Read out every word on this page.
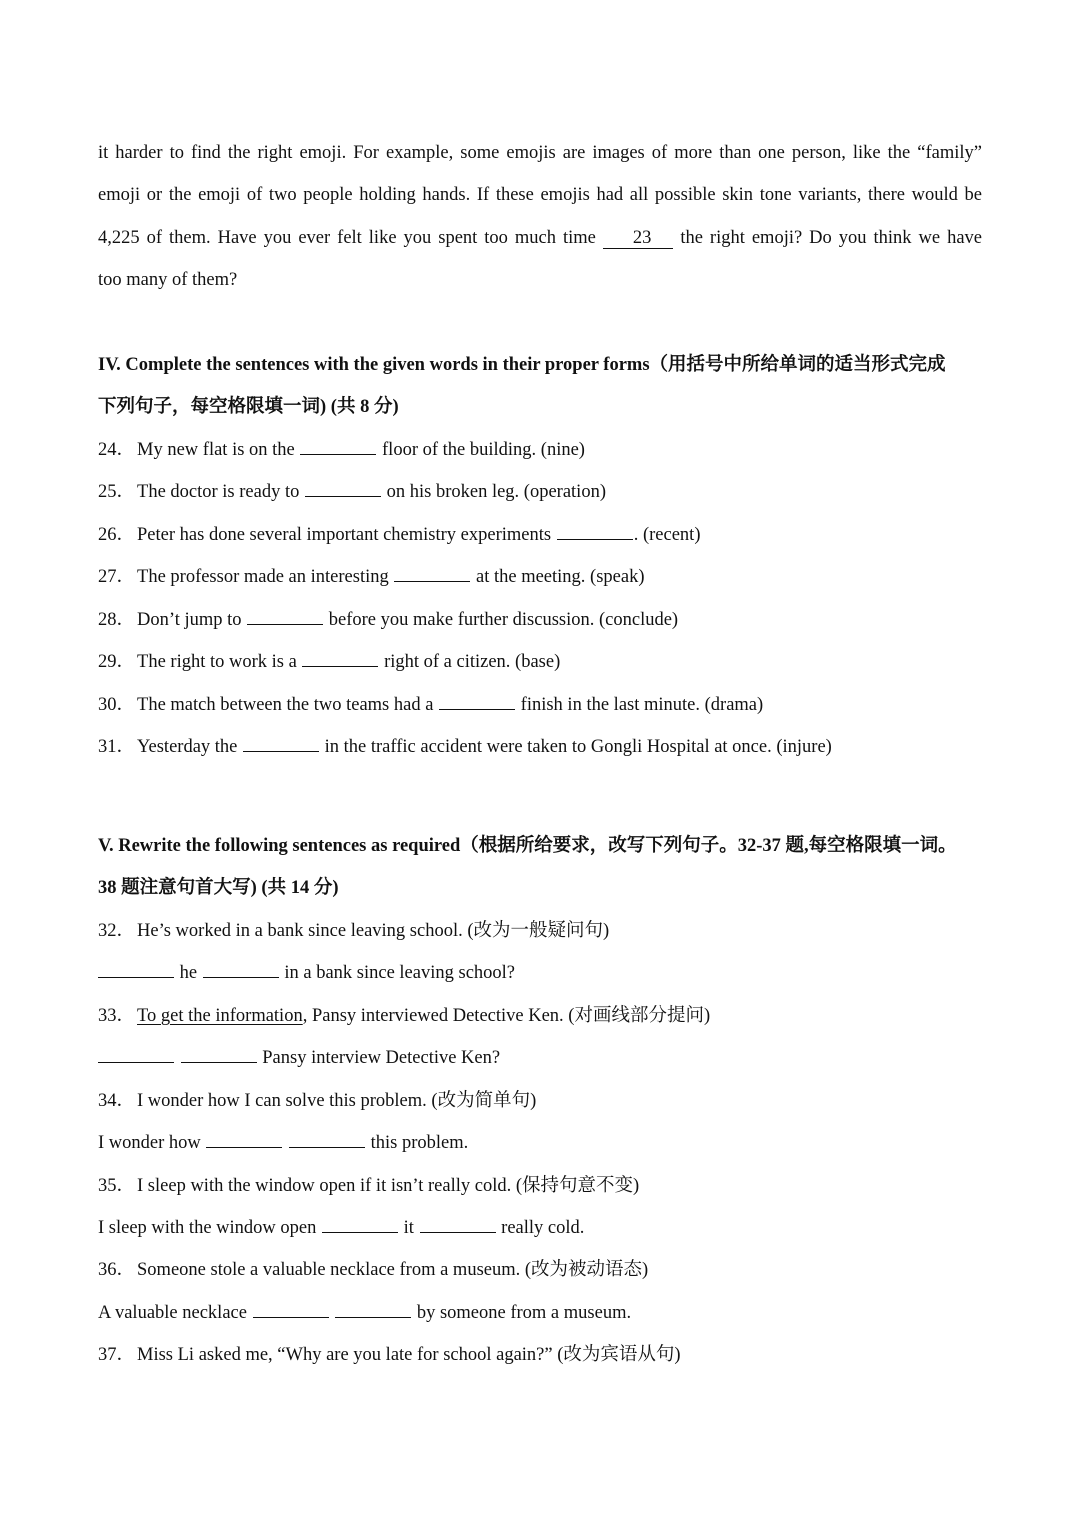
it harder to find the right emoji. For example, some emojis are images of more than one person, like the “family”
emoji or the emoji of two people holding hands. If these emojis had all possible skin tone variants, there would be
4,225 of them. Have you ever felt like you spent too much time 23 the right emoji? Do you think we have
too many of them?
IV. Complete the sentences with the given words in their proper forms（用括号中所给单词的适当形式完成
下列句子，每空格限填一词) (共 8 分)
24． My new flat is on the	floor of the building. (nine)
25． The doctor is ready to	on his broken leg. (operation)
26． Peter has done several important chemistry experiments	. (recent)
27． The professor made an interesting	at the meeting. (speak)
28． Don’t jump to	before you make further discussion. (conclude)
29． The right to work is a	right of a citizen. (base)
30． The match between the two teams had a	finish in the last minute. (drama)
31． Yesterday the	in the traffic accident were taken to Gongli Hospital at once. (injure)
V. Rewrite the following sentences as required（根据所给要求，改写下列句子。32-37 题,每空格限填一词。
38 题注意句首大写) (共 14 分)
32． He’s worked in a bank since leaving school. (改为一般疑问句)
he	in a bank since leaving school?
33． To get the information, Pansy interviewed Detective Ken. (对画线部分提问)
Pansy interview Detective Ken?
34． I wonder how I can solve this problem. (改为简单句)
I wonder how	this problem.
35． I sleep with the window open if it isn’t really cold. (保持句意不变)
I sleep with the window open	it	really cold.
36． Someone stole a valuable necklace from a museum. (改为被动语态)
A valuable necklace	by someone from a museum.
37． Miss Li asked me, “Why are you late for school again?” (改为宾语从句)
